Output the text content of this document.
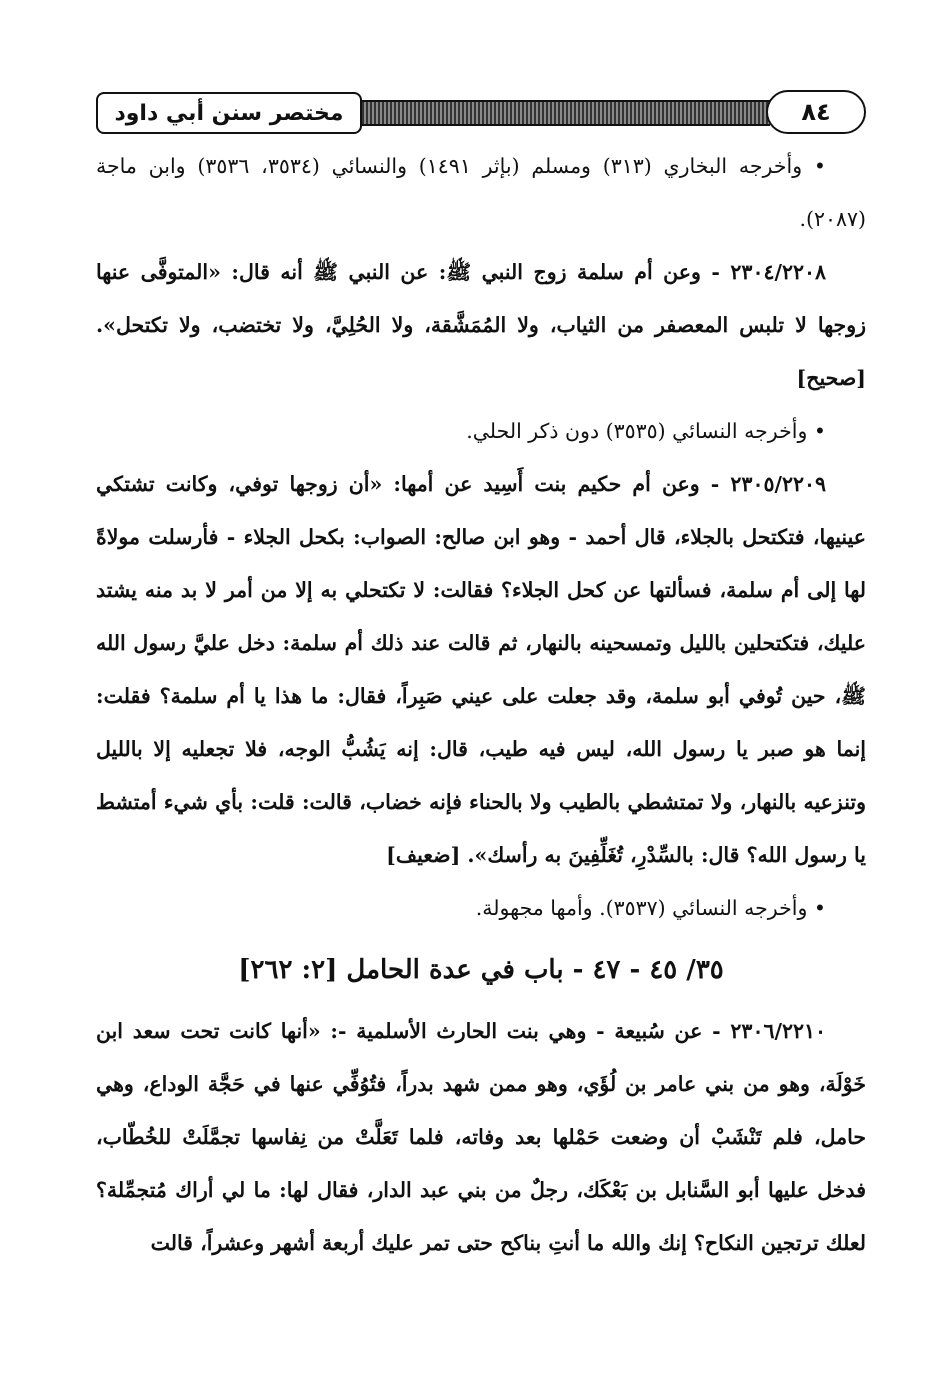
مختصر سنن أبي داود	٨٤

• وأخرجه البخاري (٣١٣) ومسلم (بإثر ١٤٩١) والنسائي (٣٥٣٤، ٣٥٣٦) وابن ماجة (٢٠٨٧).

٢٣٠٤/٢٢٠٨ - وعن أم سلمة زوج النبي ﷺ: عن النبي ﷺ أنه قال: «المتوفَّى عنها زوجها لا تلبس المعصفر من الثياب، ولا المُمَشَّقة، ولا الحُلِيَّ، ولا تختضب، ولا تكتحل». [صحيح]

• وأخرجه النسائي (٣٥٣٥) دون ذكر الحلي.

٢٣٠٥/٢٢٠٩ - وعن أم حكيم بنت أَسِيد عن أمها: «أن زوجها توفي، وكانت تشتكي عينيها، فتكتحل بالجلاء، قال أحمد - وهو ابن صالح: الصواب: بكحل الجلاء - فأرسلت مولاةً لها إلى أم سلمة، فسألتها عن كحل الجلاء؟ فقالت: لا تكتحلي به إلا من أمر لا بد منه يشتد عليك، فتكتحلين بالليل وتمسحينه بالنهار، ثم قالت عند ذلك أم سلمة: دخل عليَّ رسول الله ﷺ، حين تُوفي أبو سلمة، وقد جعلت على عيني صَبِراً، فقال: ما هذا يا أم سلمة؟ فقلت: إنما هو صبر يا رسول الله، ليس فيه طيب، قال: إنه يَشُبُّ الوجه، فلا تجعليه إلا بالليل وتنزعيه بالنهار، ولا تمتشطي بالطيب ولا بالحناء فإنه خضاب، قالت: قلت: بأي شيء أمتشط يا رسول الله؟ قال: بالسِّدْرِ، تُغَلِّفِينَ به رأسك». [ضعيف]

• وأخرجه النسائي (٣٥٣٧). وأمها مجهولة.

٣٥/ ٤٥ - ٤٧ - باب في عدة الحامل [٢: ٢٦٢]

٢٣٠٦/٢٢١٠ - عن سُبيعة - وهي بنت الحارث الأسلمية -: «أنها كانت تحت سعد ابن خَوْلَة، وهو من بني عامر بن لُؤَي، وهو ممن شهد بدراً، فتُوُفِّي عنها في حَجَّة الوداع، وهي حامل، فلم تَنْشَبْ أن وضعت حَمْلها بعد وفاته، فلما تَعَلَّتْ من نِفاسها تجمَّلَتْ للخُطّاب، فدخل عليها أبو السَّنابل بن بَعْكَك، رجلٌ من بني عبد الدار، فقال لها: ما لي أراك مُتجمِّلة؟ لعلك ترتجين النكاح؟ إنك والله ما أنتِ بناكح حتى تمر عليك أربعة أشهر وعشراً، قالت
